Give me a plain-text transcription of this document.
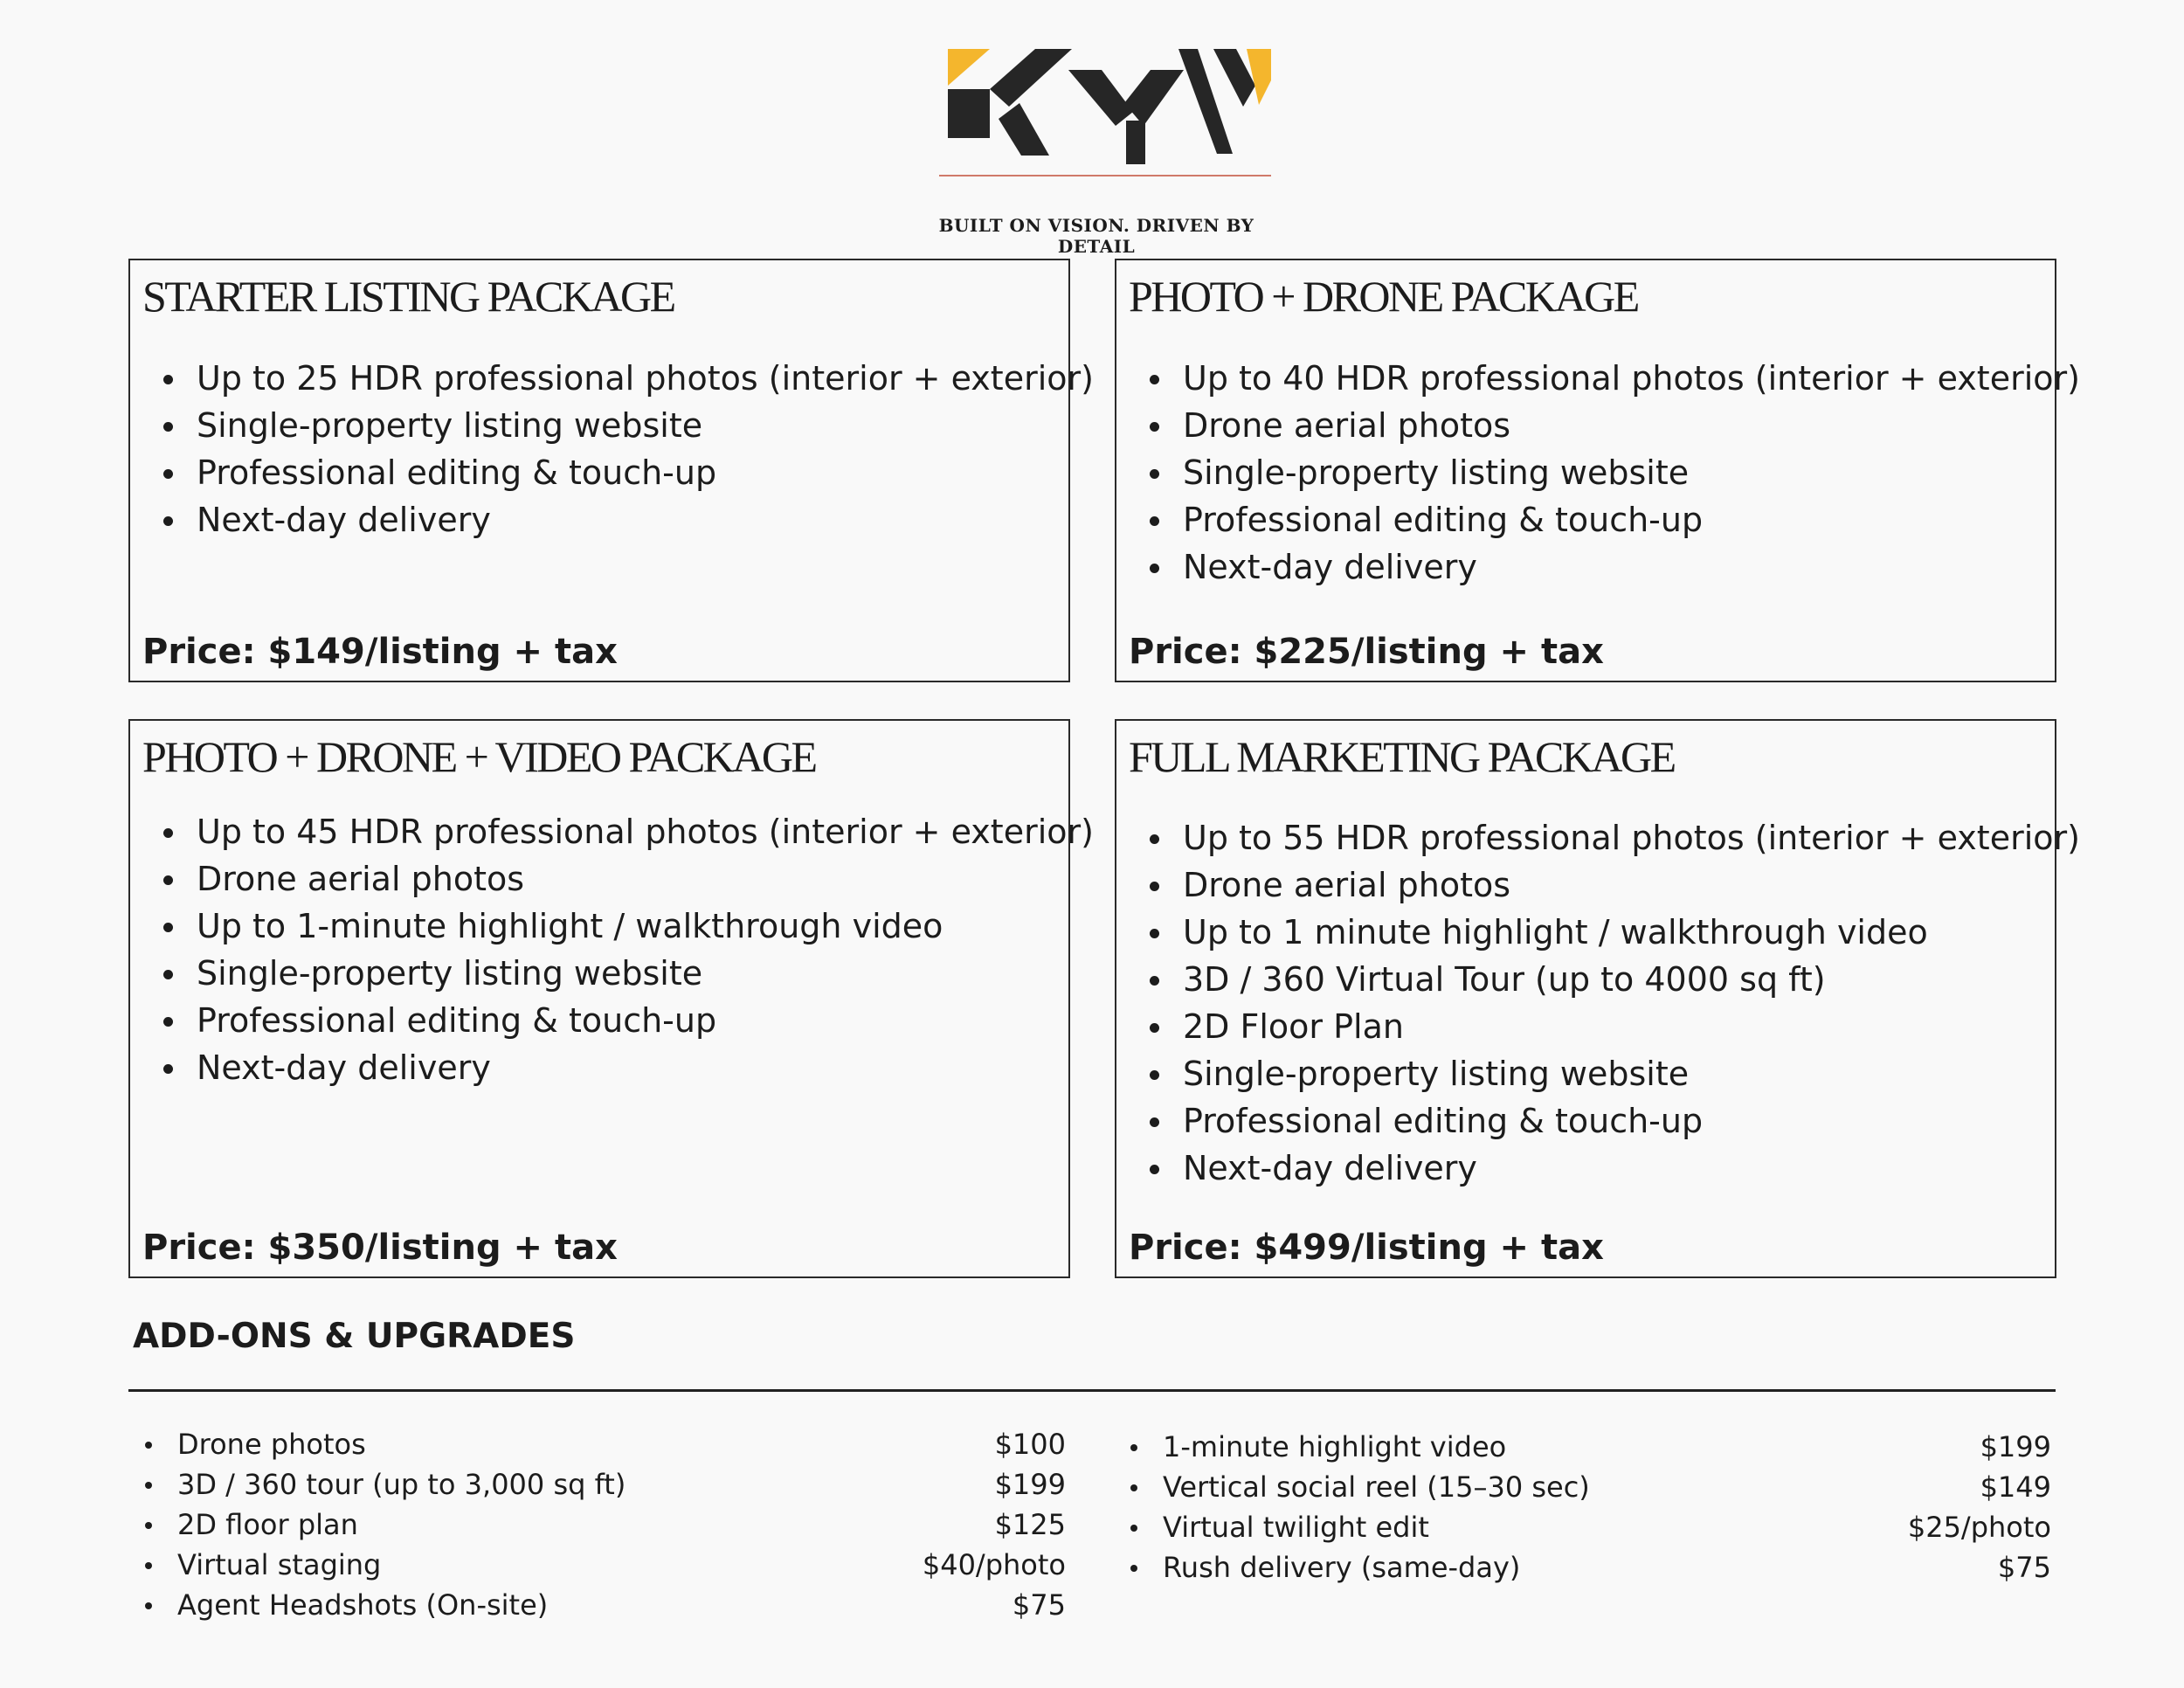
BUILT ON VISION. DRIVEN BY DETAIL
STARTER LISTING PACKAGE
Up to 25 HDR professional photos (interior + exterior)
Single-property listing website
Professional editing & touch-up
Next-day delivery
Price: $149/listing + tax
PHOTO + DRONE PACKAGE
Up to 40 HDR professional photos (interior + exterior)
Drone aerial photos
Single-property listing website
Professional editing & touch-up
Next-day delivery
Price: $225/listing + tax
PHOTO + DRONE + VIDEO PACKAGE
Up to 45 HDR professional photos (interior + exterior)
Drone aerial photos
Up to 1-minute highlight / walkthrough video
Single-property listing website
Professional editing & touch-up
Next-day delivery
Price: $350/listing + tax
FULL MARKETING PACKAGE
Up to 55 HDR professional photos (interior + exterior)
Drone aerial photos
Up to 1 minute highlight / walkthrough video
3D / 360 Virtual Tour (up to 4000 sq ft)
2D Floor Plan
Single-property listing website
Professional editing & touch-up
Next-day delivery
Price: $499/listing + tax
ADD-ONS & UPGRADES
Drone photos	$100
3D / 360 tour (up to 3,000 sq ft)	$199
2D floor plan	$125
Virtual staging	$40/photo
Agent Headshots (On-site)	$75
1-minute highlight video	$199
Vertical social reel (15–30 sec)	$149
Virtual twilight edit	$25/photo
Rush delivery (same-day)	$75
